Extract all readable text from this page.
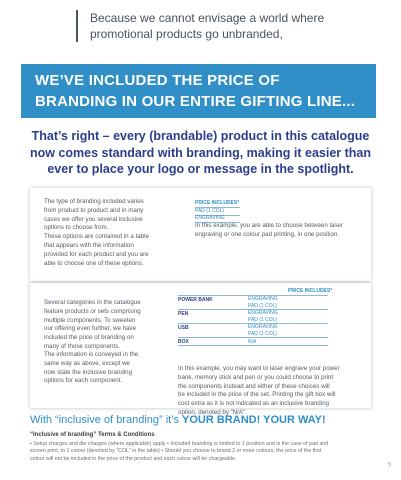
Because we cannot envisage a world where
promotional products go unbranded,
WE’VE INCLUDED THE PRICE OF
BRANDING IN OUR ENTIRE GIFTING LINE...
That’s right – every (brandable) product in this catalogue
now comes standard with branding, making it easier than
ever to place your logo or message in the spotlight.
The type of branding included varies
from product to product and in many
cases we offer you several inclusive
options to choose from.
These options are contained in a table
that appears with the information
provided for each product and you are
able to choose one of these options.
PRICE INCLUDES*
PAD (1 COL)
ENGRAVING
In this example, you are able to choose between laser
engraving or one colour pad printing, in one position.
Several categories in the catalogue
feature products or sets comprising
multiple components. To sweeten
our offering even further, we have
included the price of branding on
many of those components.
The information is conveyed in the
same way as above, except we
now state the inclusive branding
options for each component.
PRICE INCLUDES*
POWER BANK	ENGRAVING
PAD (1 COL)
PEN	ENGRAVING
PAD (1 COL)
USB	ENGRAVING
PAD (1 COL)
BOX	N/A
In this example, you may want to laser engrave your power
bank, memory stick and pen or you could choose to print
the components instead and either of these choices will
be included in the price of the set. Printing the gift box will
cost extra as it is not indicated as an inclusive branding
option, denoted by “N/A”.
With “inclusive of branding” it’s YOUR BRAND! YOUR WAY!
“Inclusive of branding” Terms & Conditions
• Setup charges and die charges (where applicable) apply • Included branding is limited to 1 position and is the case of pad and
screen print, to 1 colour (denoted by “COL” in the table) • Should you choose to brand 2 or more colours, the price of the first
colour will not be included in the price of the product and each colour will be chargeable.
5
